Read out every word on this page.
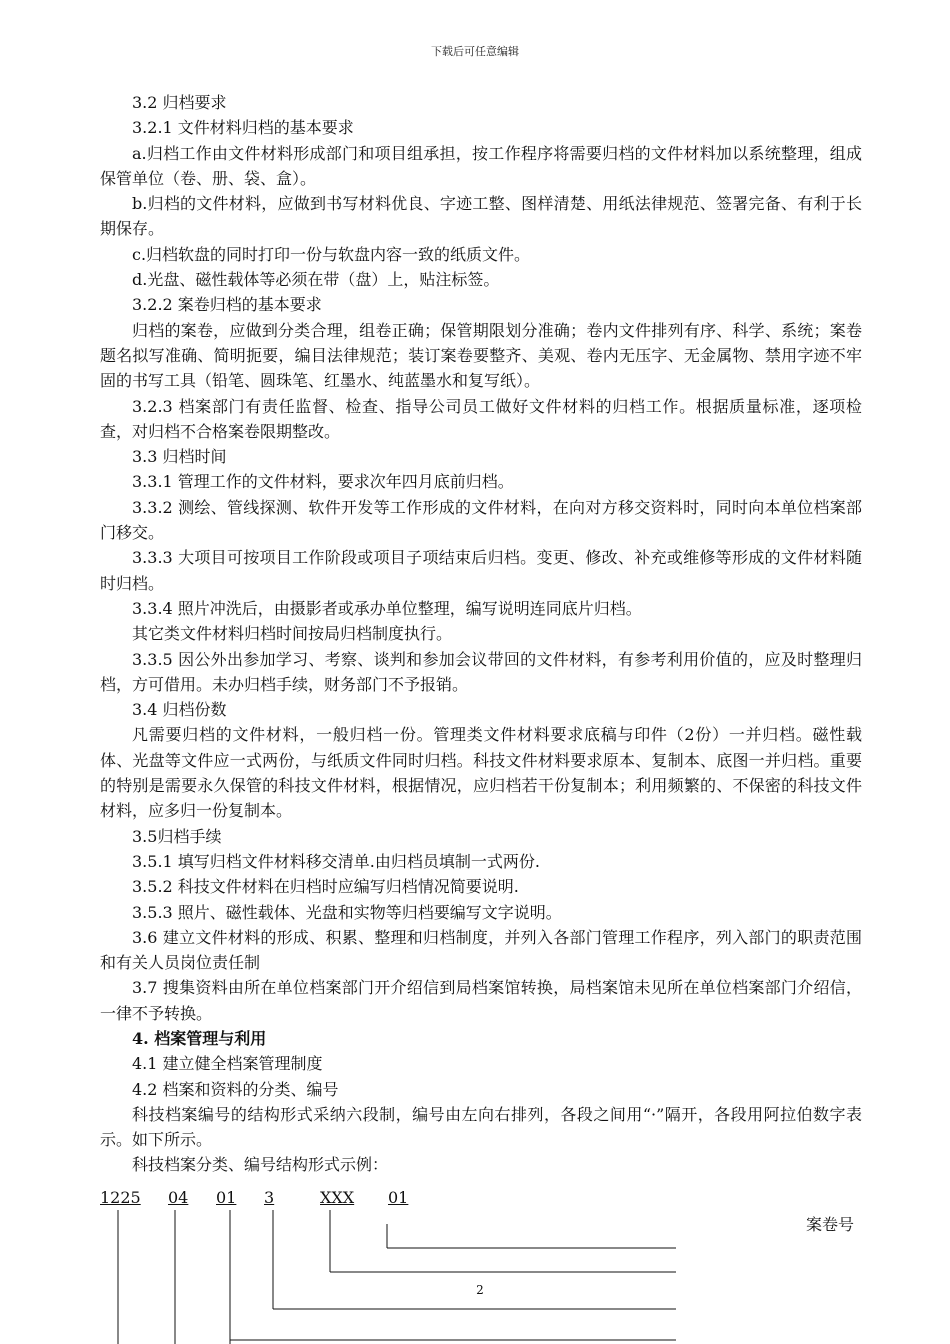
下载后可任意编辑

3.2 归档要求

3.2.1 文件材料归档的基本要求

a.归档工作由文件材料形成部门和项目组承担，按工作程序将需要归档的文件材料加以系统整理，组成保管单位（卷、册、袋、盒）。

b.归档的文件材料，应做到书写材料优良、字迹工整、图样清楚、用纸法律规范、签署完备、有利于长期保存。

c.归档软盘的同时打印一份与软盘内容一致的纸质文件。

d.光盘、磁性载体等必须在带（盘）上，贴注标签。

3.2.2 案卷归档的基本要求

归档的案卷，应做到分类合理，组卷正确；保管期限划分准确；卷内文件排列有序、科学、系统；案卷题名拟写准确、简明扼要，编目法律规范；装订案卷要整齐、美观、卷内无压字、无金属物、禁用字迹不牢固的书写工具（铅笔、圆珠笔、红墨水、纯蓝墨水和复写纸）。

3.2.3 档案部门有责任监督、检查、指导公司员工做好文件材料的归档工作。根据质量标准，逐项检查，对归档不合格案卷限期整改。

3.3 归档时间

3.3.1 管理工作的文件材料，要求次年四月底前归档。

3.3.2 测绘、管线探测、软件开发等工作形成的文件材料，在向对方移交资料时，同时向本单位档案部门移交。

3.3.3 大项目可按项目工作阶段或项目子项结束后归档。变更、修改、补充或维修等形成的文件材料随时归档。

3.3.4 照片冲洗后，由摄影者或承办单位整理，编写说明连同底片归档。

其它类文件材料归档时间按局归档制度执行。

3.3.5 因公外出参加学习、考察、谈判和参加会议带回的文件材料，有参考利用价值的，应及时整理归档，方可借用。未办归档手续，财务部门不予报销。

3.4 归档份数

凡需要归档的文件材料，一般归档一份。管理类文件材料要求底稿与印件（2份）一并归档。磁性载体、光盘等文件应一式两份，与纸质文件同时归档。科技文件材料要求原本、复制本、底图一并归档。重要的特别是需要永久保管的科技文件材料，根据情况，应归档若干份复制本；利用频繁的、不保密的科技文件材料，应多归一份复制本。

3.5归档手续

3.5.1 填写归档文件材料移交清单.由归档员填制一式两份.

3.5.2 科技文件材料在归档时应编写归档情况简要说明.

3.5.3 照片、磁性载体、光盘和实物等归档要编写文字说明。

3.6 建立文件材料的形成、积累、整理和归档制度，并列入各部门管理工作程序，列入部门的职责范围和有关人员岗位责任制

3.7 搜集资料由所在单位档案部门开介绍信到局档案馆转换，局档案馆未见所在单位档案部门介绍信，一律不予转换。

4. 档案管理与利用

4.1 建立健全档案管理制度

4.2 档案和资料的分类、编号

科技档案编号的结构形式采纳六段制，编号由左向右排列，各段之间用“·”隔开，各段用阿拉伯数字表示。如下所示。

科技档案分类、编号结构形式示例：

1225 04 01 3	XXX 01
案卷号
2
